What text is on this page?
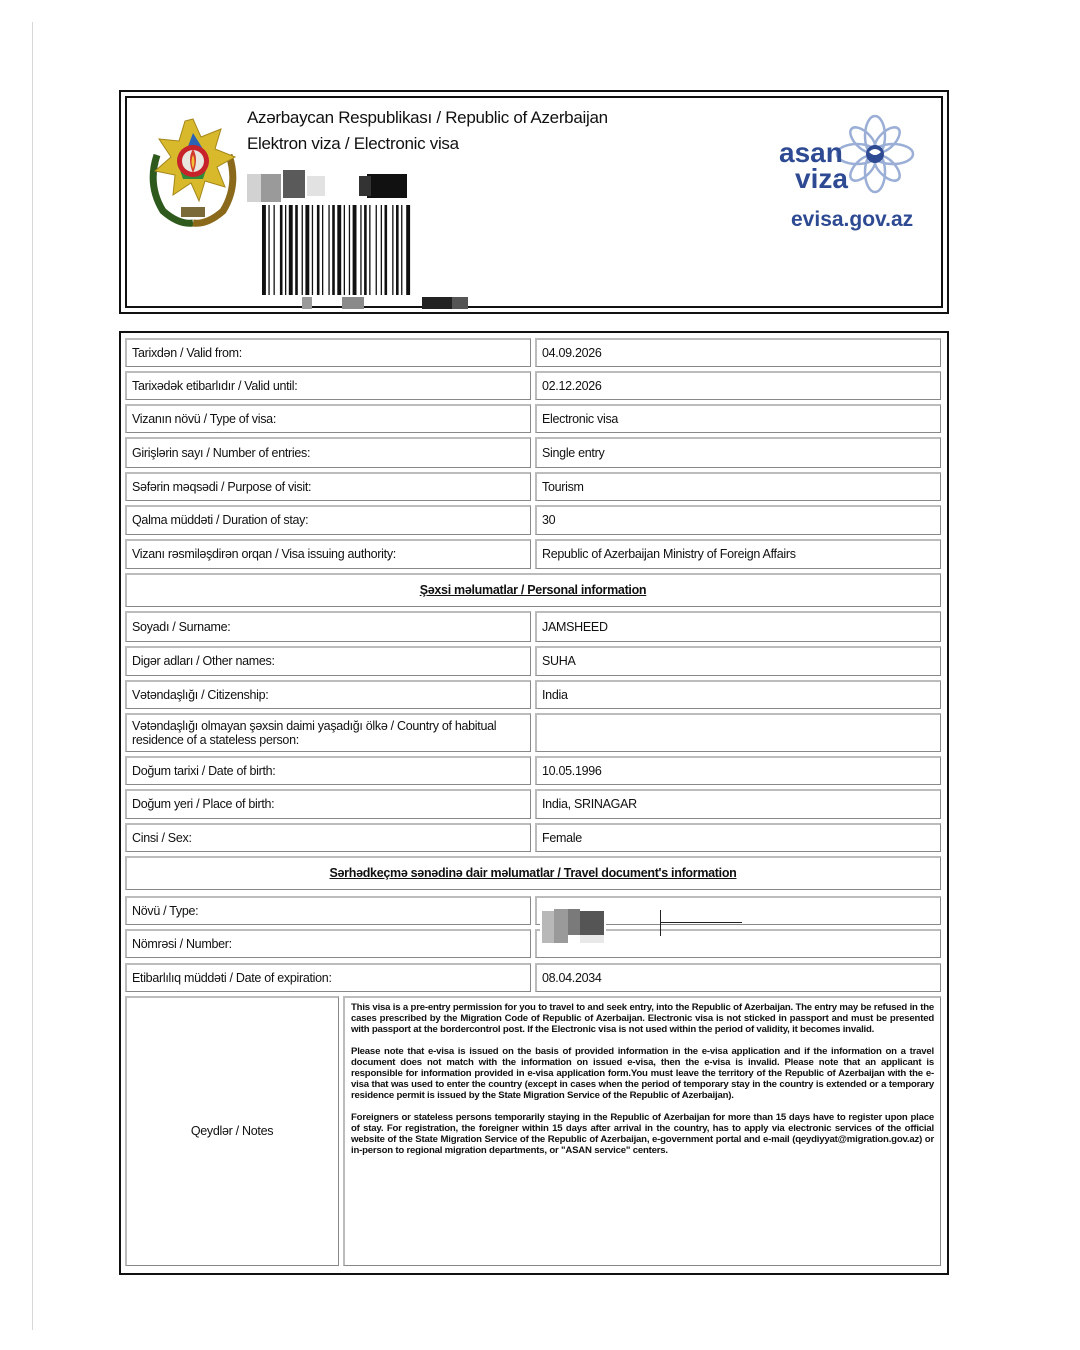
Azərbaycan Respublikası / Republic of Azerbaijan
Elektron viza / Electronic visa	asan
viza
evisa.gov.az
Tarixdən / Valid from:	04.09.2026
Tarixədək etibarlıdır / Valid until:	02.12.2026
Vizanın növü / Type of visa:	Electronic visa
Girişlərin sayı / Number of entries:	Single entry
Səfərin məqsədi / Purpose of visit:	Tourism
Qalma müddəti / Duration of stay:	30
Vizanı rəsmiləşdirən orqan / Visa issuing authority:	Republic of Azerbaijan Ministry of Foreign Affairs
Şəxsi məlumatlar / Personal information
Soyadı / Surname:	JAMSHEED
Digər adları / Other names:	SUHA
Vətəndaşlığı / Citizenship:	India
Vətəndaşlığı olmayan şəxsin daimi yaşadığı ölkə / Country of habitual residence of a stateless person:
Doğum tarixi / Date of birth:	10.05.1996
Doğum yeri / Place of birth:	India, SRINAGAR
Cinsi / Sex:	Female
Sərhədkeçmə sənədinə dair məlumatlar / Travel document's information
Növü / Type:
Nömrəsi / Number:
Etibarlılıq müddəti / Date of expiration:	08.04.2034
Qeydlər / Notes

This visa is a pre-entry permission for you to travel to and seek entry, into the Republic of Azerbaijan. The entry may be refused in the cases prescribed by the Migration Code of Republic of Azerbaijan. Electronic visa is not sticked in passport and must be presented with passport at the bordercontrol post. If the Electronic visa is not used within the period of validity, it becomes invalid.

Please note that e-visa is issued on the basis of provided information in the e-visa application and if the information on a travel document does not match with the information on issued e-visa, then the e-visa is invalid. Please note that an applicant is responsible for information provided in e-visa application form.You must leave the territory of the Republic of Azerbaijan with the e-visa that was used to enter the country (except in cases when the period of temporary stay in the country is extended or a temporary residence permit is issued by the State Migration Service of the Republic of Azerbaijan).

Foreigners or stateless persons temporarily staying in the Republic of Azerbaijan for more than 15 days have to register upon place of stay. For registration, the foreigner within 15 days after arrival in the country, has to apply via electronic services of the official website of the State Migration Service of the Republic of Azerbaijan, e-government portal and e-mail (qeydiyyat@migration.gov.az) or in-person to regional migration departments, or "ASAN service" centers.
